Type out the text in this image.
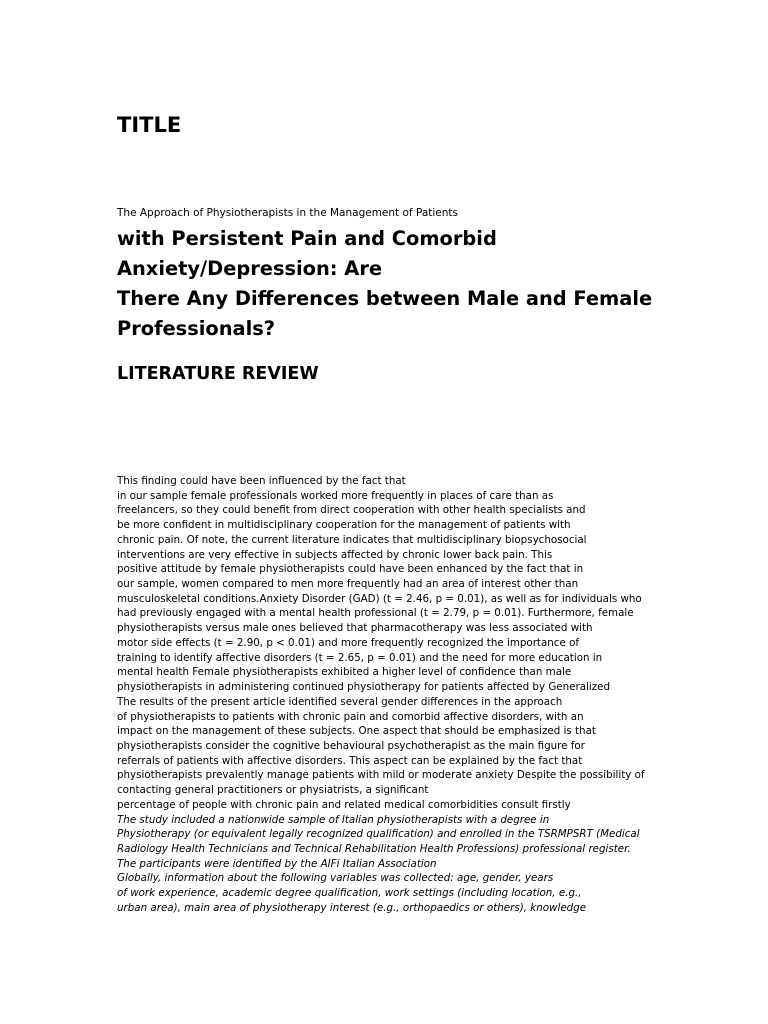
TITLE

The Approach of Physiotherapists in the Management of Patients

with Persistent Pain and Comorbid
Anxiety/Depression: Are
There Any Differences between Male and Female
Professionals?
LITERATURE REVIEW
This finding could have been influenced by the fact that
in our sample female professionals worked more frequently in places of care than as
freelancers, so they could benefit from direct cooperation with other health specialists and
be more confident in multidisciplinary cooperation for the management of patients with
chronic pain. Of note, the current literature indicates that multidisciplinary biopsychosocial
interventions are very effective in subjects affected by chronic lower back pain. This
positive attitude by female physiotherapists could have been enhanced by the fact that in
our sample, women compared to men more frequently had an area of interest other than
musculoskeletal conditions.Anxiety Disorder (GAD) (t = 2.46, p = 0.01), as well as for individuals who
had previously engaged with a mental health professional (t = 2.79, p = 0.01). Furthermore, female
physiotherapists versus male ones believed that pharmacotherapy was less associated with
motor side effects (t = 2.90, p < 0.01) and more frequently recognized the importance of
training to identify affective disorders (t = 2.65, p = 0.01) and the need for more education in
mental health Female physiotherapists exhibited a higher level of confidence than male
physiotherapists in administering continued physiotherapy for patients affected by Generalized
The results of the present article identified several gender differences in the approach
of physiotherapists to patients with chronic pain and comorbid affective disorders, with an
impact on the management of these subjects. One aspect that should be emphasized is that
physiotherapists consider the cognitive behavioural psychotherapist as the main figure for
referrals of patients with affective disorders. This aspect can be explained by the fact that
physiotherapists prevalently manage patients with mild or moderate anxiety Despite the possibility of
contacting general practitioners or physiatrists, a significant
percentage of people with chronic pain and related medical comorbidities consult firstly
The study included a nationwide sample of Italian physiotherapists with a degree in
Physiotherapy (or equivalent legally recognized qualification) and enrolled in the TSRMPSRT (Medical
Radiology Health Technicians and Technical Rehabilitation Health Professions) professional register.
The participants were identified by the AIFi Italian Association
Globally, information about the following variables was collected: age, gender, years
of work experience, academic degree qualification, work settings (including location, e.g.,
urban area), main area of physiotherapy interest (e.g., orthopaedics or others), knowledge
